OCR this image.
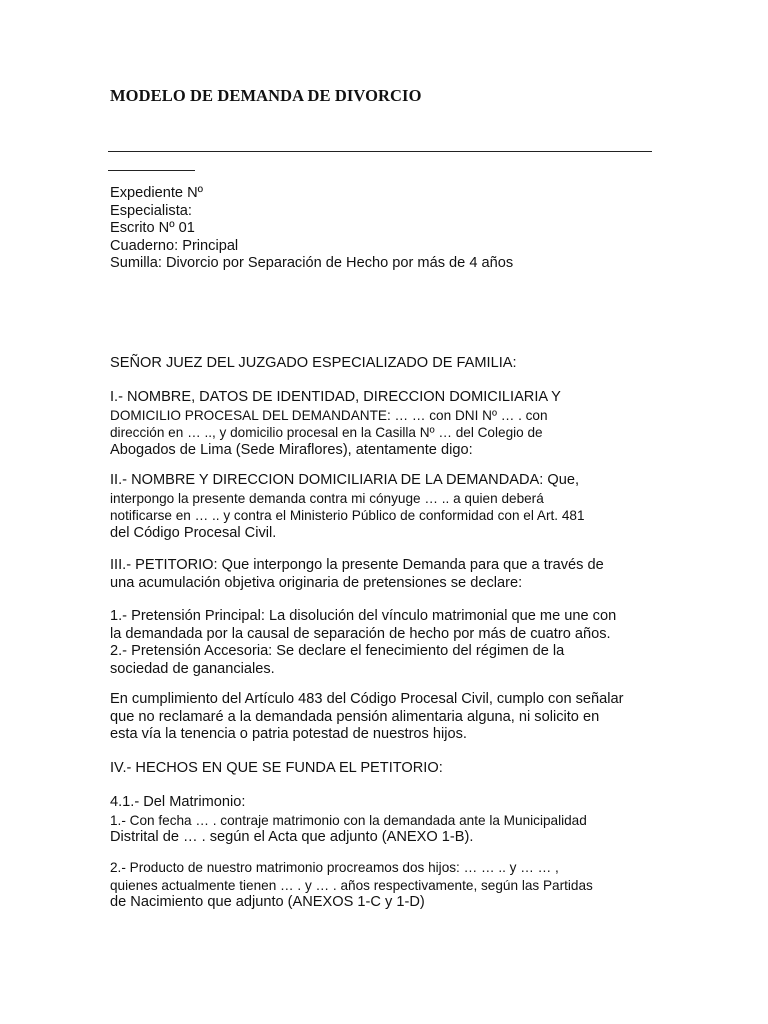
MODELO DE DEMANDA DE DIVORCIO
Expediente Nº
Especialista:
Escrito Nº 01
Cuaderno: Principal
Sumilla: Divorcio por Separación de Hecho por más de 4 años
SEÑOR JUEZ DEL JUZGADO ESPECIALIZADO DE FAMILIA:
I.- NOMBRE, DATOS DE IDENTIDAD, DIRECCION DOMICILIARIA Y
DOMICILIO PROCESAL DEL DEMANDANTE: … … con DNI Nº … . con
dirección en … .., y domicilio procesal en la Casilla Nº … del Colegio de
Abogados de Lima (Sede Miraflores), atentamente digo:
II.- NOMBRE Y DIRECCION DOMICILIARIA DE LA DEMANDADA: Que,
interpongo la presente demanda contra mi cónyuge … .. a quien deberá
notificarse en … .. y contra el Ministerio Público de conformidad con el Art. 481
del Código Procesal Civil.
III.- PETITORIO: Que interpongo la presente Demanda para que a través de
una acumulación objetiva originaria de pretensiones se declare:
1.- Pretensión Principal: La disolución del vínculo matrimonial que me une con
la demandada por la causal de separación de hecho por más de cuatro años.
2.- Pretensión Accesoria: Se declare el fenecimiento del régimen de la
sociedad de gananciales.
En cumplimiento del Artículo 483 del Código Procesal Civil, cumplo con señalar
que no reclamaré a la demandada pensión alimentaria alguna, ni solicito en
esta vía la tenencia o patria potestad de nuestros hijos.
IV.- HECHOS EN QUE SE FUNDA EL PETITORIO:
4.1.- Del Matrimonio:
1.- Con fecha … . contraje matrimonio con la demandada ante la Municipalidad
Distrital de … . según el Acta que adjunto (ANEXO 1-B).
2.- Producto de nuestro matrimonio procreamos dos hijos: … … .. y … … ,
quienes actualmente tienen … . y … . años respectivamente, según las Partidas
de Nacimiento que adjunto (ANEXOS 1-C y 1-D)
